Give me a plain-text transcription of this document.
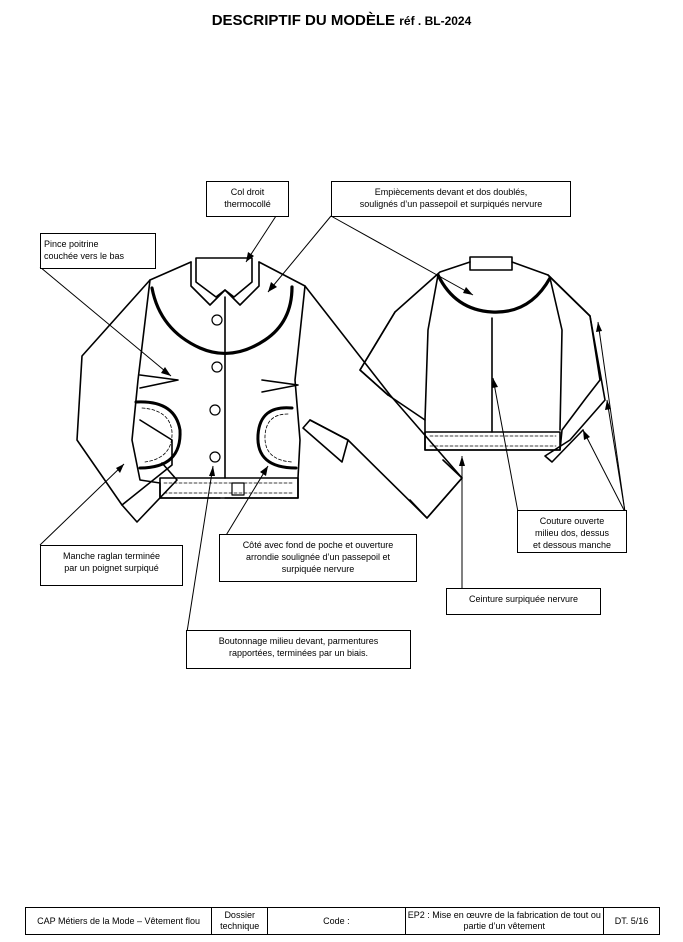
DESCRIPTIF DU MODÈLE réf . BL-2024
Col droit
thermocollé
Empiècements devant et dos doublés,
soulignés d’un passepoil et surpiqués nervure
Pince poitrine
couchée vers le bas
Manche raglan terminée
par un poignet surpiqué
Côté avec fond de poche et ouverture
arrondie soulignée d’un passepoil et
surpiquée nervure
Boutonnage milieu devant, parmentures
rapportées, terminées par un biais.
Ceinture surpiquée nervure
Couture ouverte
milieu dos, dessus
et dessous manche
CAP Métiers de la Mode – Vêtement flou	Dossier technique	Code :	EP2 : Mise en œuvre de la fabrication de tout ou partie d’un vêtement	DT. 5/16
